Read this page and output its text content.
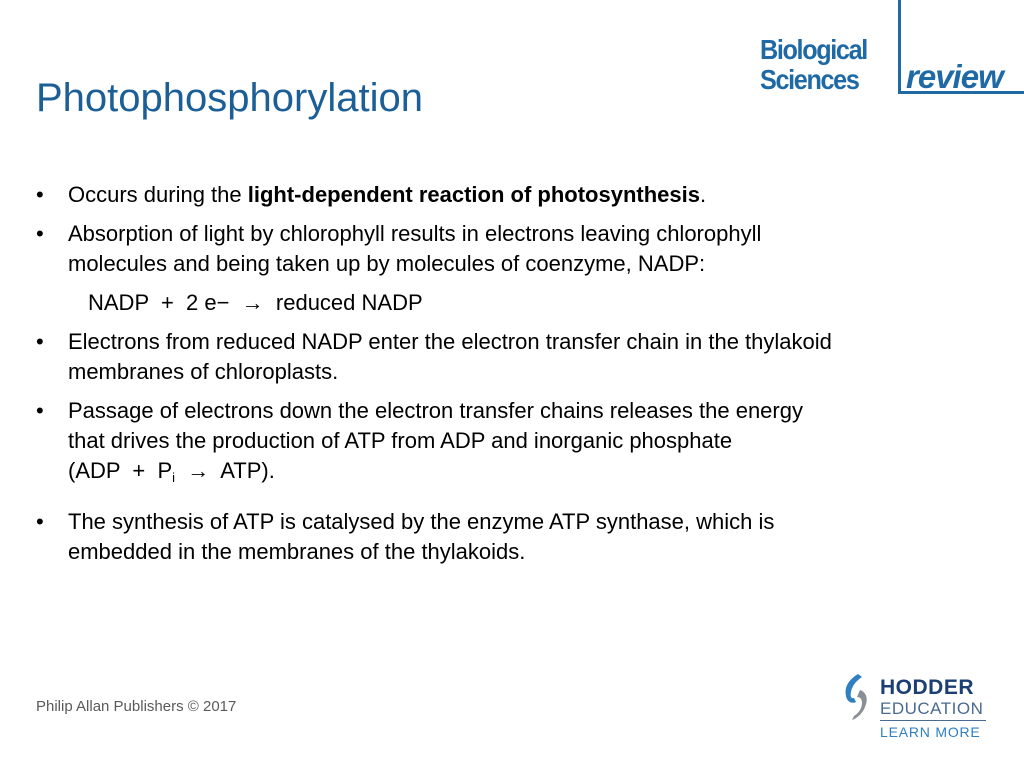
Photophosphorylation
Biological
Sciences review
• Occurs during the light-dependent reaction of photosynthesis.
• Absorption of light by chlorophyll results in electrons leaving chlorophyll
molecules and being taken up by molecules of coenzyme, NADP:
NADP  +  2 e−  →  reduced NADP
• Electrons from reduced NADP enter the electron transfer chain in the thylakoid
membranes of chloroplasts.
• Passage of electrons down the electron transfer chains releases the energy
that drives the production of ATP from ADP and inorganic phosphate
$(ADP + P_i \to ATP)$.
• The synthesis of ATP is catalysed by the enzyme ATP synthase, which is
embedded in the membranes of the thylakoids.
Philip Allan Publishers © 2017
HODDER
EDUCATION
LEARN MORE
